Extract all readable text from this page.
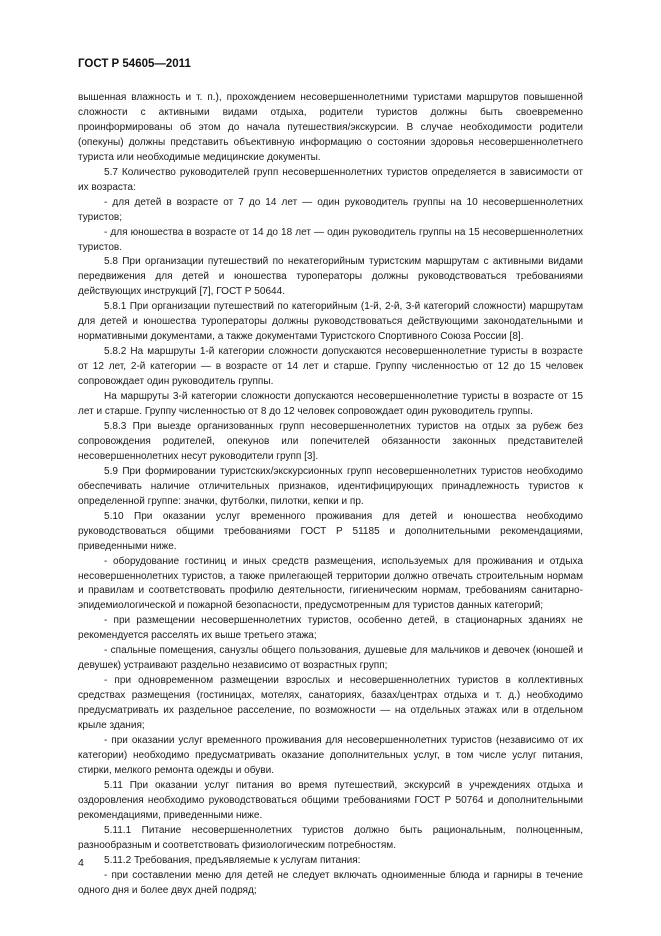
ГОСТ Р 54605—2011

вышенная влажность и т. п.), прохождением несовершеннолетними туристами маршрутов повышенной сложности с активными видами отдыха, родители туристов должны быть своевременно проинформированы об этом до начала путешествия/экскурсии. В случае необходимости родители (опекуны) должны представить объективную информацию о состоянии здоровья несовершеннолетнего туриста или необходимые медицинские документы.

5.7 Количество руководителей групп несовершеннолетних туристов определяется в зависимости от их возраста:

- для детей в возрасте от 7 до 14 лет — один руководитель группы на 10 несовершеннолетних туристов;

- для юношества в возрасте от 14 до 18 лет — один руководитель группы на 15 несовершеннолетних туристов.

5.8 При организации путешествий по некатегорийным туристским маршрутам с активными видами передвижения для детей и юношества туроператоры должны руководствоваться требованиями действующих инструкций [7], ГОСТ Р 50644.

5.8.1 При организации путешествий по категорийным (1-й, 2-й, 3-й категорий сложности) маршрутам для детей и юношества туроператоры должны руководствоваться действующими законодательными и нормативными документами, а также документами Туристского Спортивного Союза России [8].

5.8.2 На маршруты 1-й категории сложности допускаются несовершеннолетние туристы в возрасте от 12 лет, 2-й категории — в возрасте от 14 лет и старше. Группу численностью от 12 до 15 человек сопровождает один руководитель группы.

На маршруты 3-й категории сложности допускаются несовершеннолетние туристы в возрасте от 15 лет и старше. Группу численностью от 8 до 12 человек сопровождает один руководитель группы.

5.8.3 При выезде организованных групп несовершеннолетних туристов на отдых за рубеж без сопровождения родителей, опекунов или попечителей обязанности законных представителей несовершеннолетних несут руководители групп [3].

5.9 При формировании туристских/экскурсионных групп несовершеннолетних туристов необходимо обеспечивать наличие отличительных признаков, идентифицирующих принадлежность туристов к определенной группе: значки, футболки, пилотки, кепки и пр.

5.10 При оказании услуг временного проживания для детей и юношества необходимо руководствоваться общими требованиями ГОСТ Р 51185 и дополнительными рекомендациями, приведенными ниже.

- оборудование гостиниц и иных средств размещения, используемых для проживания и отдыха несовершеннолетних туристов, а также прилегающей территории должно отвечать строительным нормам и правилам и соответствовать профилю деятельности, гигиеническим нормам, требованиям санитарно-эпидемиологической и пожарной безопасности, предусмотренным для туристов данных категорий;

- при размещении несовершеннолетних туристов, особенно детей, в стационарных зданиях не рекомендуется расселять их выше третьего этажа;

- спальные помещения, санузлы общего пользования, душевые для мальчиков и девочек (юношей и девушек) устраивают раздельно независимо от возрастных групп;

- при одновременном размещении взрослых и несовершеннолетних туристов в коллективных средствах размещения (гостиницах, мотелях, санаториях, базах/центрах отдыха и т. д.) необходимо предусматривать их раздельное расселение, по возможности — на отдельных этажах или в отдельном крыле здания;

- при оказании услуг временного проживания для несовершеннолетних туристов (независимо от их категории) необходимо предусматривать оказание дополнительных услуг, в том числе услуг питания, стирки, мелкого ремонта одежды и обуви.

5.11 При оказании услуг питания во время путешествий, экскурсий в учреждениях отдыха и оздоровления необходимо руководствоваться общими требованиями ГОСТ Р 50764 и дополнительными рекомендациями, приведенными ниже.

5.11.1 Питание несовершеннолетних туристов должно быть рациональным, полноценным, разнообразным и соответствовать физиологическим потребностям.

5.11.2 Требования, предъявляемые к услугам питания:

- при составлении меню для детей не следует включать одноименные блюда и гарниры в течение одного дня и более двух дней подряд;

4
